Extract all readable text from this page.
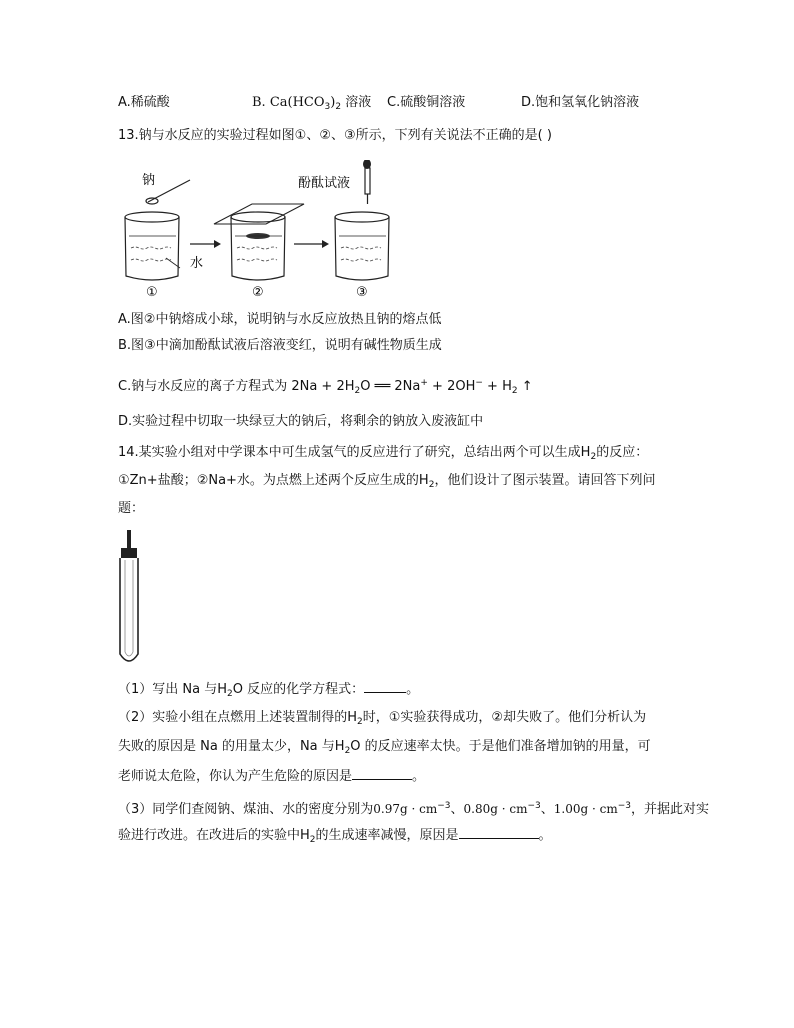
A.稀硫酸	B. $Ca(HCO_3)_2$ 溶液 C.硫酸铜溶液	D.饱和氢氧化钠溶液
13.钠与水反应的实验过程如图①、②、③所示，下列有关说法不正确的是( )
钠
水
①	②	③
酚酞试液
A.图②中钠熔成小球，说明钠与水反应放热且钠的熔点低
B.图③中滴加酚酞试液后溶液变红，说明有碱性物质生成
C.钠与水反应的离子方程式为 $2Na + 2H_2O$ ══ $2Na^+ + 2OH^- + H_2$ ↑
D.实验过程中切取一块绿豆大的钠后，将剩余的钠放入废液缸中
14.某实验小组对中学课本中可生成氢气的反应进行了研究，总结出两个可以生成$H_2$的反应：
①Zn+盐酸；②Na+水。为点燃上述两个反应生成的$H_2$，他们设计了图示装置。请回答下列问
题：
（1）写出 Na 与$H_2O$ 反应的化学方程式：	。
（2）实验小组在点燃用上述装置制得的$H_2$时，①实验获得成功，②却失败了。他们分析认为
失败的原因是 Na 的用量太少，Na 与$H_2O$ 的反应速率太快。于是他们准备增加钠的用量，可
老师说太危险，你认为产生危险的原因是	。
（3）同学们查阅钠、煤油、水的密度分别为$0.97g \cdot cm^{-3}$、$0.80g \cdot cm^{-3}$、$1.00g \cdot cm^{-3}$，并据此对实
验进行改进。在改进后的实验中$H_2$的生成速率减慢，原因是	。
